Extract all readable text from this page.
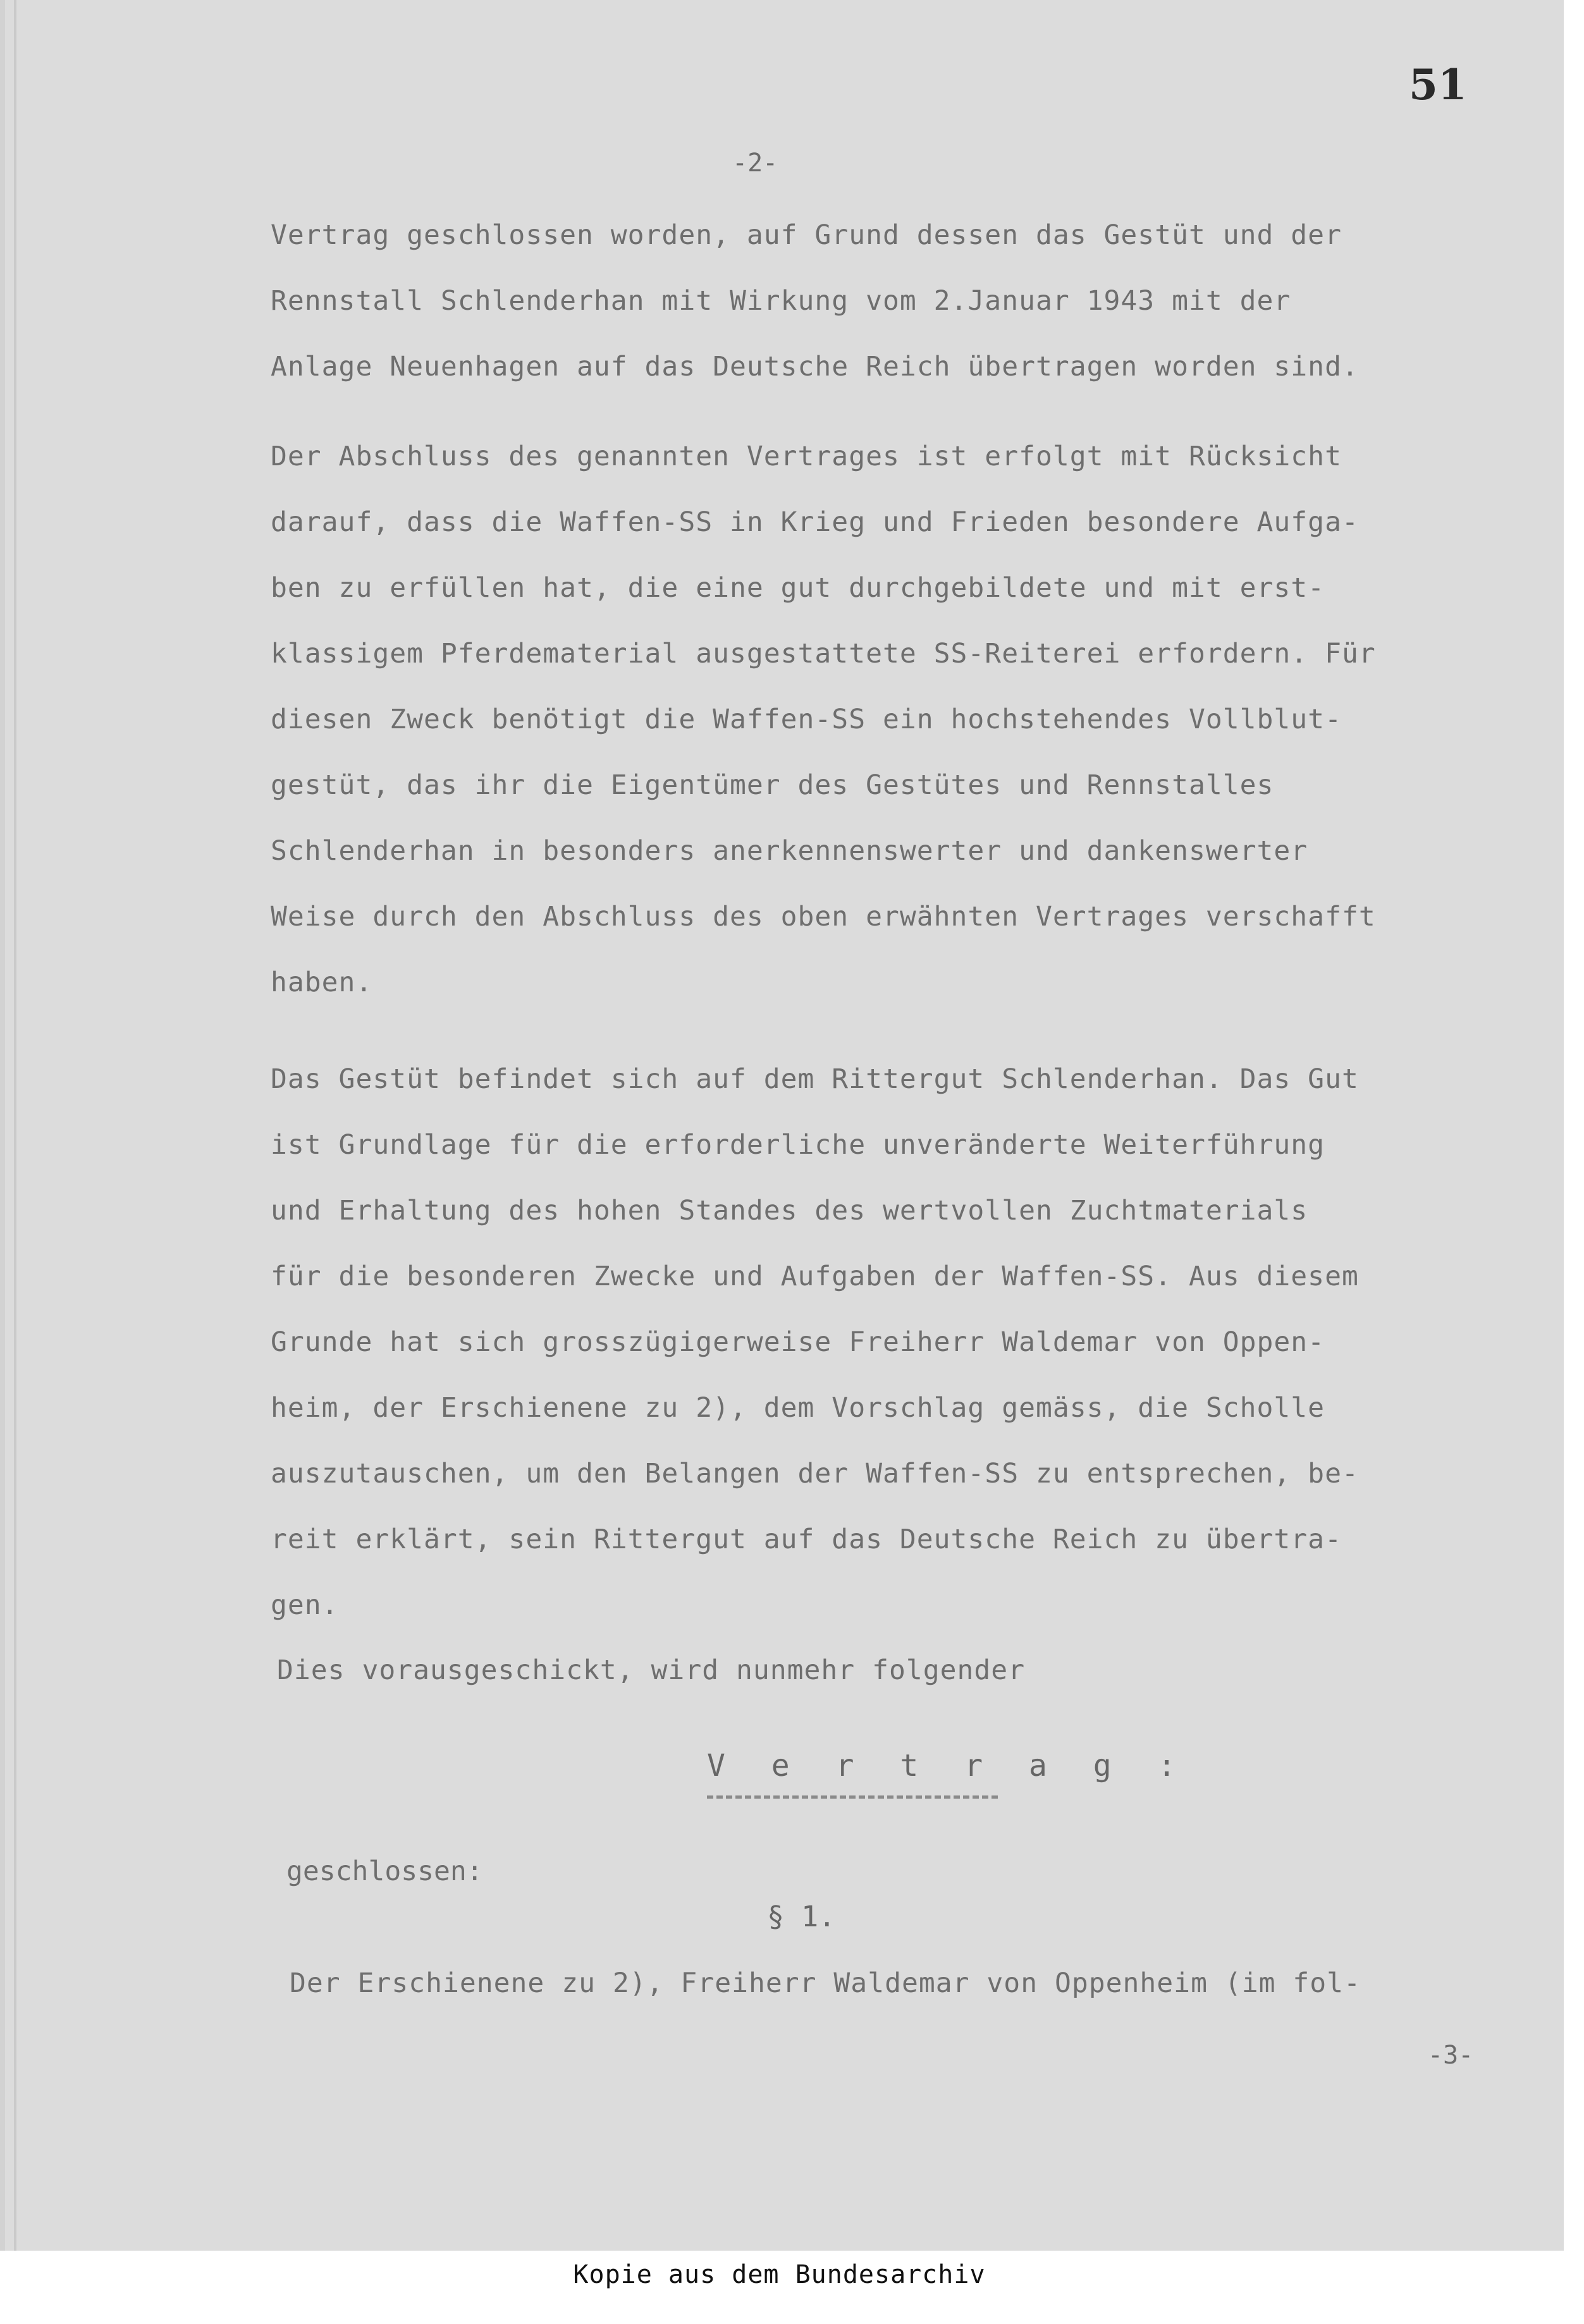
51

-2-

Vertrag geschlossen worden, auf Grund dessen das Gestüt und der
Rennstall Schlenderhan mit Wirkung vom 2.Januar 1943 mit der
Anlage Neuenhagen auf das Deutsche Reich übertragen worden sind.

Der Abschluss des genannten Vertrages ist erfolgt mit Rücksicht
darauf, dass die Waffen-SS in Krieg und Frieden besondere Aufga-
ben zu erfüllen hat, die eine gut durchgebildete und mit erst-
klassigem Pferdematerial ausgestattete SS-Reiterei erfordern. Für
diesen Zweck benötigt die Waffen-SS ein hochstehendes Vollblut-
gestüt, das ihr die Eigentümer des Gestütes und Rennstalles
Schlenderhan in besonders anerkennenswerter und dankenswerter
Weise durch den Abschluss des oben erwähnten Vertrages verschafft
haben.

Das Gestüt befindet sich auf dem Rittergut Schlenderhan. Das Gut
ist Grundlage für die erforderliche unveränderte Weiterführung
und Erhaltung des hohen Standes des wertvollen Zuchtmaterials
für die besonderen Zwecke und Aufgaben der Waffen-SS. Aus diesem
Grunde hat sich grosszügigerweise Freiherr Waldemar von Oppen-
heim, der Erschienene zu 2), dem Vorschlag gemäss, die Scholle
auszutauschen, um den Belangen der Waffen-SS zu entsprechen, be-
reit erklärt, sein Rittergut auf das Deutsche Reich zu übertra-
gen.

Dies vorausgeschickt, wird nunmehr folgender

V e r t r a g :

geschlossen:

§ 1.

Der Erschienene zu 2), Freiherr Waldemar von Oppenheim (im fol-

-3-

Kopie aus dem Bundesarchiv
